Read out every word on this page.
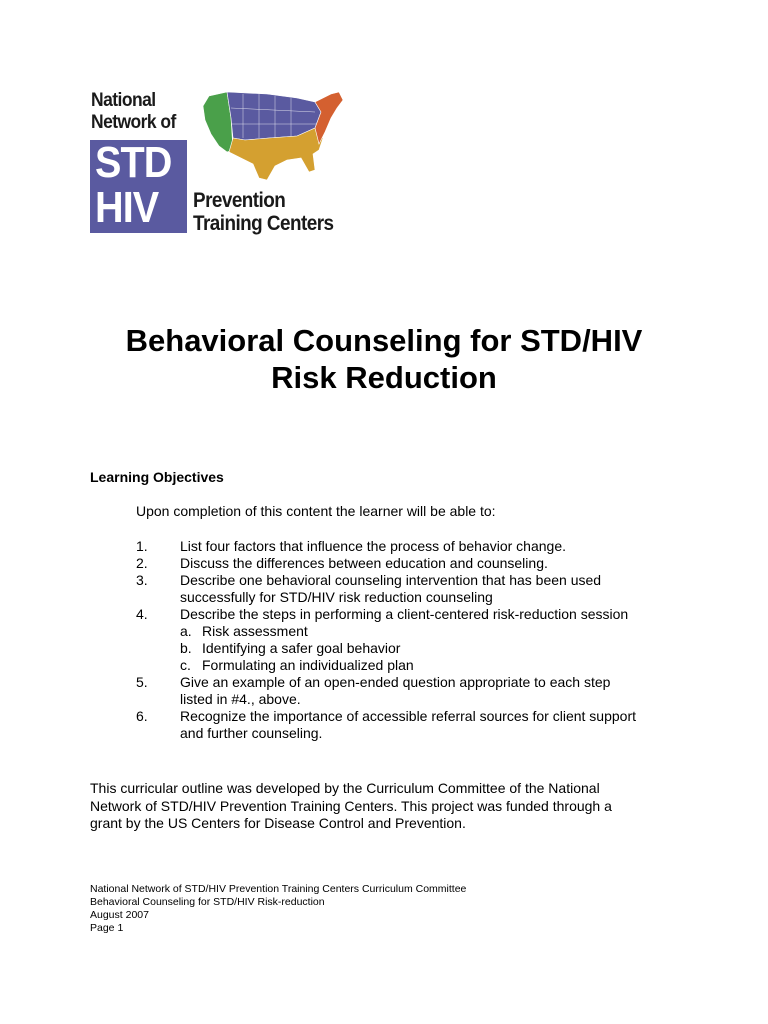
National
Network of
STD
HIV Prevention
Training Centers
Behavioral Counseling for STD/HIV
Risk Reduction
Learning Objectives
Upon completion of this content the learner will be able to:
1. List four factors that influence the process of behavior change.
2. Discuss the differences between education and counseling.
3. Describe one behavioral counseling intervention that has been used
successfully for STD/HIV risk reduction counseling
4. Describe the steps in performing a client-centered risk-reduction session
a. Risk assessment
b. Identifying a safer goal behavior
c. Formulating an individualized plan
5. Give an example of an open-ended question appropriate to each step
listed in #4., above.
6. Recognize the importance of accessible referral sources for client support
and further counseling.
This curricular outline was developed by the Curriculum Committee of the National
Network of STD/HIV Prevention Training Centers. This project was funded through a
grant by the US Centers for Disease Control and Prevention.
National Network of STD/HIV Prevention Training Centers Curriculum Committee
Behavioral Counseling for STD/HIV Risk-reduction
August 2007
Page 1
